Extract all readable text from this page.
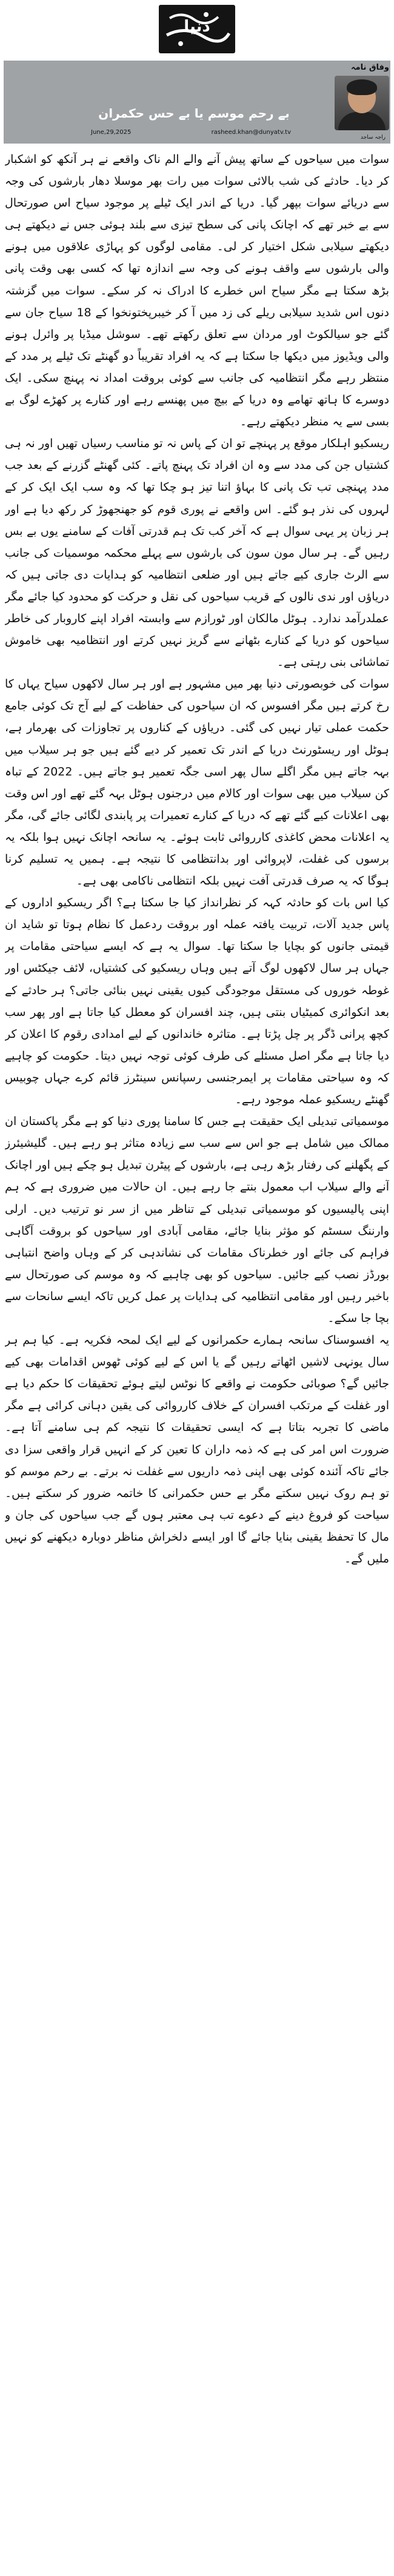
دنیا
وفاق نامہ
راجہ ساجد
بے رحم موسم یا بے حس حکمران
June,29,2025	rasheed.khan@dunyatv.tv

سوات میں سیاحوں کے ساتھ پیش آنے والے الم ناک واقعے نے ہر آنکھ کو اشکبار کر دیا۔ حادثے کی شب بالائی سوات میں رات بھر موسلا دھار بارشوں کی وجہ سے دریائے سوات بپھر گیا۔ دریا کے اندر ایک ٹیلے پر موجود سیاح اس صورتحال سے بے خبر تھے کہ اچانک پانی کی سطح تیزی سے بلند ہوئی جس نے دیکھتے ہی دیکھتے سیلابی شکل اختیار کر لی۔ مقامی لوگوں کو پہاڑی علاقوں میں ہونے والی بارشوں سے واقف ہونے کی وجہ سے اندازہ تھا کہ کسی بھی وقت پانی بڑھ سکتا ہے مگر سیاح اس خطرے کا ادراک نہ کر سکے۔ سوات میں گزشتہ دنوں اس شدید سیلابی ریلے کی زد میں آ کر خیبرپختونخوا کے 18 سیاح جان سے گئے جو سیالکوٹ اور مردان سے تعلق رکھتے تھے۔ سوشل میڈیا پر وائرل ہونے والی ویڈیوز میں دیکھا جا سکتا ہے کہ یہ افراد تقریباً دو گھنٹے تک ٹیلے پر مدد کے منتظر رہے مگر انتظامیہ کی جانب سے کوئی بروقت امداد نہ پہنچ سکی۔ ایک دوسرے کا ہاتھ تھامے وہ دریا کے بیچ میں پھنسے رہے اور کنارے پر کھڑے لوگ بے بسی سے یہ منظر دیکھتے رہے۔

ریسکیو اہلکار موقع پر پہنچے تو ان کے پاس نہ تو مناسب رسیاں تھیں اور نہ ہی کشتیاں جن کی مدد سے وہ ان افراد تک پہنچ پاتے۔ کئی گھنٹے گزرنے کے بعد جب مدد پہنچی تب تک پانی کا بہاؤ اتنا تیز ہو چکا تھا کہ وہ سب ایک ایک کر کے لہروں کی نذر ہو گئے۔ اس واقعے نے پوری قوم کو جھنجھوڑ کر رکھ دیا ہے اور ہر زبان پر یہی سوال ہے کہ آخر کب تک ہم قدرتی آفات کے سامنے یوں بے بس رہیں گے۔ ہر سال مون سون کی بارشوں سے پہلے محکمہ موسمیات کی جانب سے الرٹ جاری کیے جاتے ہیں اور ضلعی انتظامیہ کو ہدایات دی جاتی ہیں کہ دریاؤں اور ندی نالوں کے قریب سیاحوں کی نقل و حرکت کو محدود کیا جائے مگر عملدرآمد ندارد۔ ہوٹل مالکان اور ٹورازم سے وابستہ افراد اپنے کاروبار کی خاطر سیاحوں کو دریا کے کنارے بٹھانے سے گریز نہیں کرتے اور انتظامیہ بھی خاموش تماشائی بنی رہتی ہے۔

سوات کی خوبصورتی دنیا بھر میں مشہور ہے اور ہر سال لاکھوں سیاح یہاں کا رخ کرتے ہیں مگر افسوس کہ ان سیاحوں کی حفاظت کے لیے آج تک کوئی جامع حکمت عملی تیار نہیں کی گئی۔ دریاؤں کے کناروں پر تجاوزات کی بھرمار ہے، ہوٹل اور ریسٹورنٹ دریا کے اندر تک تعمیر کر دیے گئے ہیں جو ہر سیلاب میں بہہ جاتے ہیں مگر اگلے سال پھر اسی جگہ تعمیر ہو جاتے ہیں۔ 2022 کے تباہ کن سیلاب میں بھی سوات اور کالام میں درجنوں ہوٹل بہہ گئے تھے اور اس وقت بھی اعلانات کیے گئے تھے کہ دریا کے کنارے تعمیرات پر پابندی لگائی جائے گی، مگر یہ اعلانات محض کاغذی کارروائی ثابت ہوئے۔ یہ سانحہ اچانک نہیں ہوا بلکہ یہ برسوں کی غفلت، لاپروائی اور بدانتظامی کا نتیجہ ہے۔ ہمیں یہ تسلیم کرنا ہوگا کہ یہ صرف قدرتی آفت نہیں بلکہ انتظامی ناکامی بھی ہے۔

کیا اس بات کو حادثہ کہہ کر نظرانداز کیا جا سکتا ہے؟ اگر ریسکیو اداروں کے پاس جدید آلات، تربیت یافتہ عملہ اور بروقت ردعمل کا نظام ہوتا تو شاید ان قیمتی جانوں کو بچایا جا سکتا تھا۔ سوال یہ ہے کہ ایسے سیاحتی مقامات پر جہاں ہر سال لاکھوں لوگ آتے ہیں وہاں ریسکیو کی کشتیاں، لائف جیکٹس اور غوطہ خوروں کی مستقل موجودگی کیوں یقینی نہیں بنائی جاتی؟ ہر حادثے کے بعد انکوائری کمیٹیاں بنتی ہیں، چند افسران کو معطل کیا جاتا ہے اور پھر سب کچھ پرانی ڈگر پر چل پڑتا ہے۔ متاثرہ خاندانوں کے لیے امدادی رقوم کا اعلان کر دیا جاتا ہے مگر اصل مسئلے کی طرف کوئی توجہ نہیں دیتا۔ حکومت کو چاہیے کہ وہ سیاحتی مقامات پر ایمرجنسی رسپانس سینٹرز قائم کرے جہاں چوبیس گھنٹے ریسکیو عملہ موجود رہے۔

موسمیاتی تبدیلی ایک حقیقت ہے جس کا سامنا پوری دنیا کو ہے مگر پاکستان ان ممالک میں شامل ہے جو اس سے سب سے زیادہ متاثر ہو رہے ہیں۔ گلیشیئرز کے پگھلنے کی رفتار بڑھ رہی ہے، بارشوں کے پیٹرن تبدیل ہو چکے ہیں اور اچانک آنے والے سیلاب اب معمول بنتے جا رہے ہیں۔ ان حالات میں ضروری ہے کہ ہم اپنی پالیسیوں کو موسمیاتی تبدیلی کے تناظر میں از سر نو ترتیب دیں۔ ارلی وارننگ سسٹم کو مؤثر بنایا جائے، مقامی آبادی اور سیاحوں کو بروقت آگاہی فراہم کی جائے اور خطرناک مقامات کی نشاندہی کر کے وہاں واضح انتباہی بورڈز نصب کیے جائیں۔ سیاحوں کو بھی چاہیے کہ وہ موسم کی صورتحال سے باخبر رہیں اور مقامی انتظامیہ کی ہدایات پر عمل کریں تاکہ ایسے سانحات سے بچا جا سکے۔

یہ افسوسناک سانحہ ہمارے حکمرانوں کے لیے ایک لمحہ فکریہ ہے۔ کیا ہم ہر سال یونہی لاشیں اٹھاتے رہیں گے یا اس کے لیے کوئی ٹھوس اقدامات بھی کیے جائیں گے؟ صوبائی حکومت نے واقعے کا نوٹس لیتے ہوئے تحقیقات کا حکم دیا ہے اور غفلت کے مرتکب افسران کے خلاف کارروائی کی یقین دہانی کرائی ہے مگر ماضی کا تجربہ بتاتا ہے کہ ایسی تحقیقات کا نتیجہ کم ہی سامنے آتا ہے۔ ضرورت اس امر کی ہے کہ ذمہ داران کا تعین کر کے انہیں قرار واقعی سزا دی جائے تاکہ آئندہ کوئی بھی اپنی ذمہ داریوں سے غفلت نہ برتے۔ بے رحم موسم کو تو ہم روک نہیں سکتے مگر بے حس حکمرانی کا خاتمہ ضرور کر سکتے ہیں۔ سیاحت کو فروغ دینے کے دعوے تب ہی معتبر ہوں گے جب سیاحوں کی جان و مال کا تحفظ یقینی بنایا جائے گا اور ایسے دلخراش مناظر دوبارہ دیکھنے کو نہیں ملیں گے۔
